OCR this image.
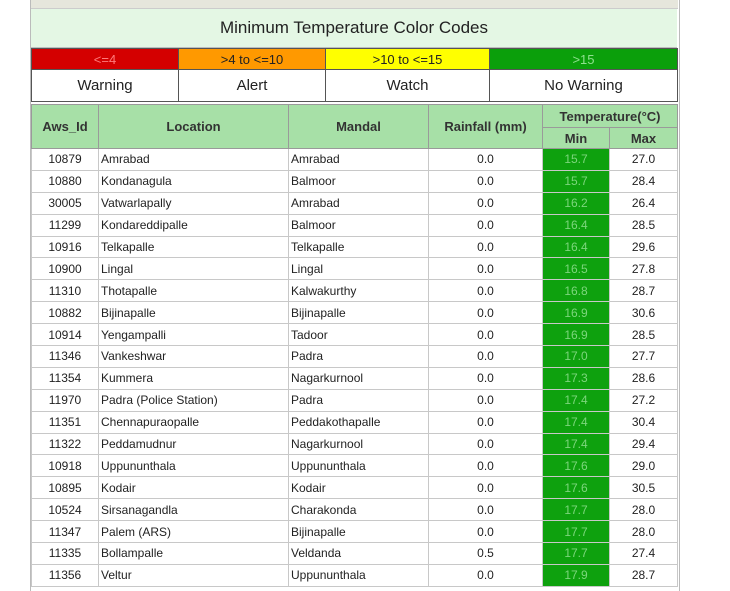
Minimum Temperature Color Codes
<=4	>4 to <=10	>10 to <=15	>15
Warning	Alert	Watch	No Warning
Aws_Id	Location	Mandal	Rainfall (mm)	Temperature(°C)	
				Min	Max
10879	Amrabad	Amrabad	0.0	15.7	27.0
10880	Kondanagula	Balmoor	0.0	15.7	28.4
30005	Vatwarlapally	Amrabad	0.0	16.2	26.4
11299	Kondareddipalle	Balmoor	0.0	16.4	28.5
10916	Telkapalle	Telkapalle	0.0	16.4	29.6
10900	Lingal	Lingal	0.0	16.5	27.8
11310	Thotapalle	Kalwakurthy	0.0	16.8	28.7
10882	Bijinapalle	Bijinapalle	0.0	16.9	30.6
10914	Yengampalli	Tadoor	0.0	16.9	28.5
11346	Vankeshwar	Padra	0.0	17.0	27.7
11354	Kummera	Nagarkurnool	0.0	17.3	28.6
11970	Padra (Police Station)	Padra	0.0	17.4	27.2
11351	Chennapuraopalle	Peddakothapalle	0.0	17.4	30.4
11322	Peddamudnur	Nagarkurnool	0.0	17.4	29.4
10918	Uppununthala	Uppununthala	0.0	17.6	29.0
10895	Kodair	Kodair	0.0	17.6	30.5
10524	Sirsanagandla	Charakonda	0.0	17.7	28.0
11347	Palem (ARS)	Bijinapalle	0.0	17.7	28.0
11335	Bollampalle	Veldanda	0.5	17.7	27.4
11356	Veltur	Uppununthala	0.0	17.9	28.7
